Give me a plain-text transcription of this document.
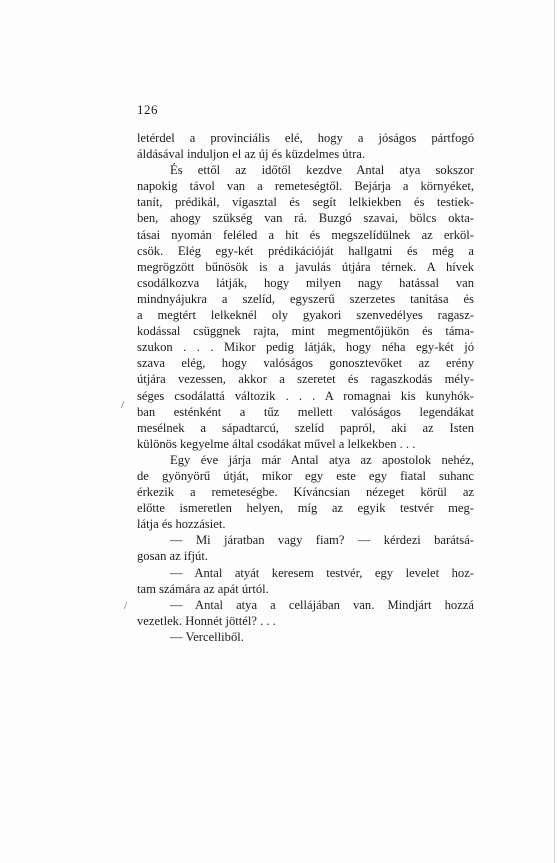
126
letérdel a provinciális elé, hogy a jóságos pártfogó
áldásával induljon el az új és küzdelmes útra.
És ettől az időtől kezdve Antal atya sokszor
napokig távol van a remeteségtől. Bejárja a környéket,
tanít, prédikál, vígasztal és segít lelkiekben és testiek-
ben, ahogy szükség van rá. Buzgó szavai, bölcs okta-
tásai nyomán feléled a hit és megszelídülnek az erköl-
csök. Elég egy-két prédikációját hallgatni és még a
megrögzött bűnösök is a javulás útjára térnek. A hívek
csodálkozva látják, hogy milyen nagy hatással van
mindnyájukra a szelíd, egyszerű szerzetes tanítása és
a megtért lelkeknél oly gyakori szenvedélyes ragasz-
kodással csüggnek rajta, mint megmentőjükön és táma-
szukon . . . Mikor pedig látják, hogy néha egy-két jó
szava elég, hogy valóságos gonosztevőket az erény
útjára vezessen, akkor a szeretet és ragaszkodás mély-
séges csodálattá változik . . . A romagnai kis kunyhók-
ban esténként a tűz mellett valóságos legendákat
mesélnek a sápadtarcú, szelíd papról, aki az Isten
különös kegyelme által csodákat művel a lelkekben . . .
Egy éve járja már Antal atya az apostolok nehéz,
de gyönyörű útját, mikor egy este egy fiatal suhanc
érkezik a remeteségbe. Kíváncsian nézeget körül az
előtte ismeretlen helyen, míg az egyik testvér meg-
látja és hozzásiet.
— Mi járatban vagy fiam? — kérdezi barátsá-
gosan az ifjút.
— Antal atyát keresem testvér, egy levelet hoz-
tam számára az apát úrtól.
— Antal atya a cellájában van. Mindjárt hozzá
vezetlek. Honnét jöttél? . . .
— Vercelliből.
/
/
